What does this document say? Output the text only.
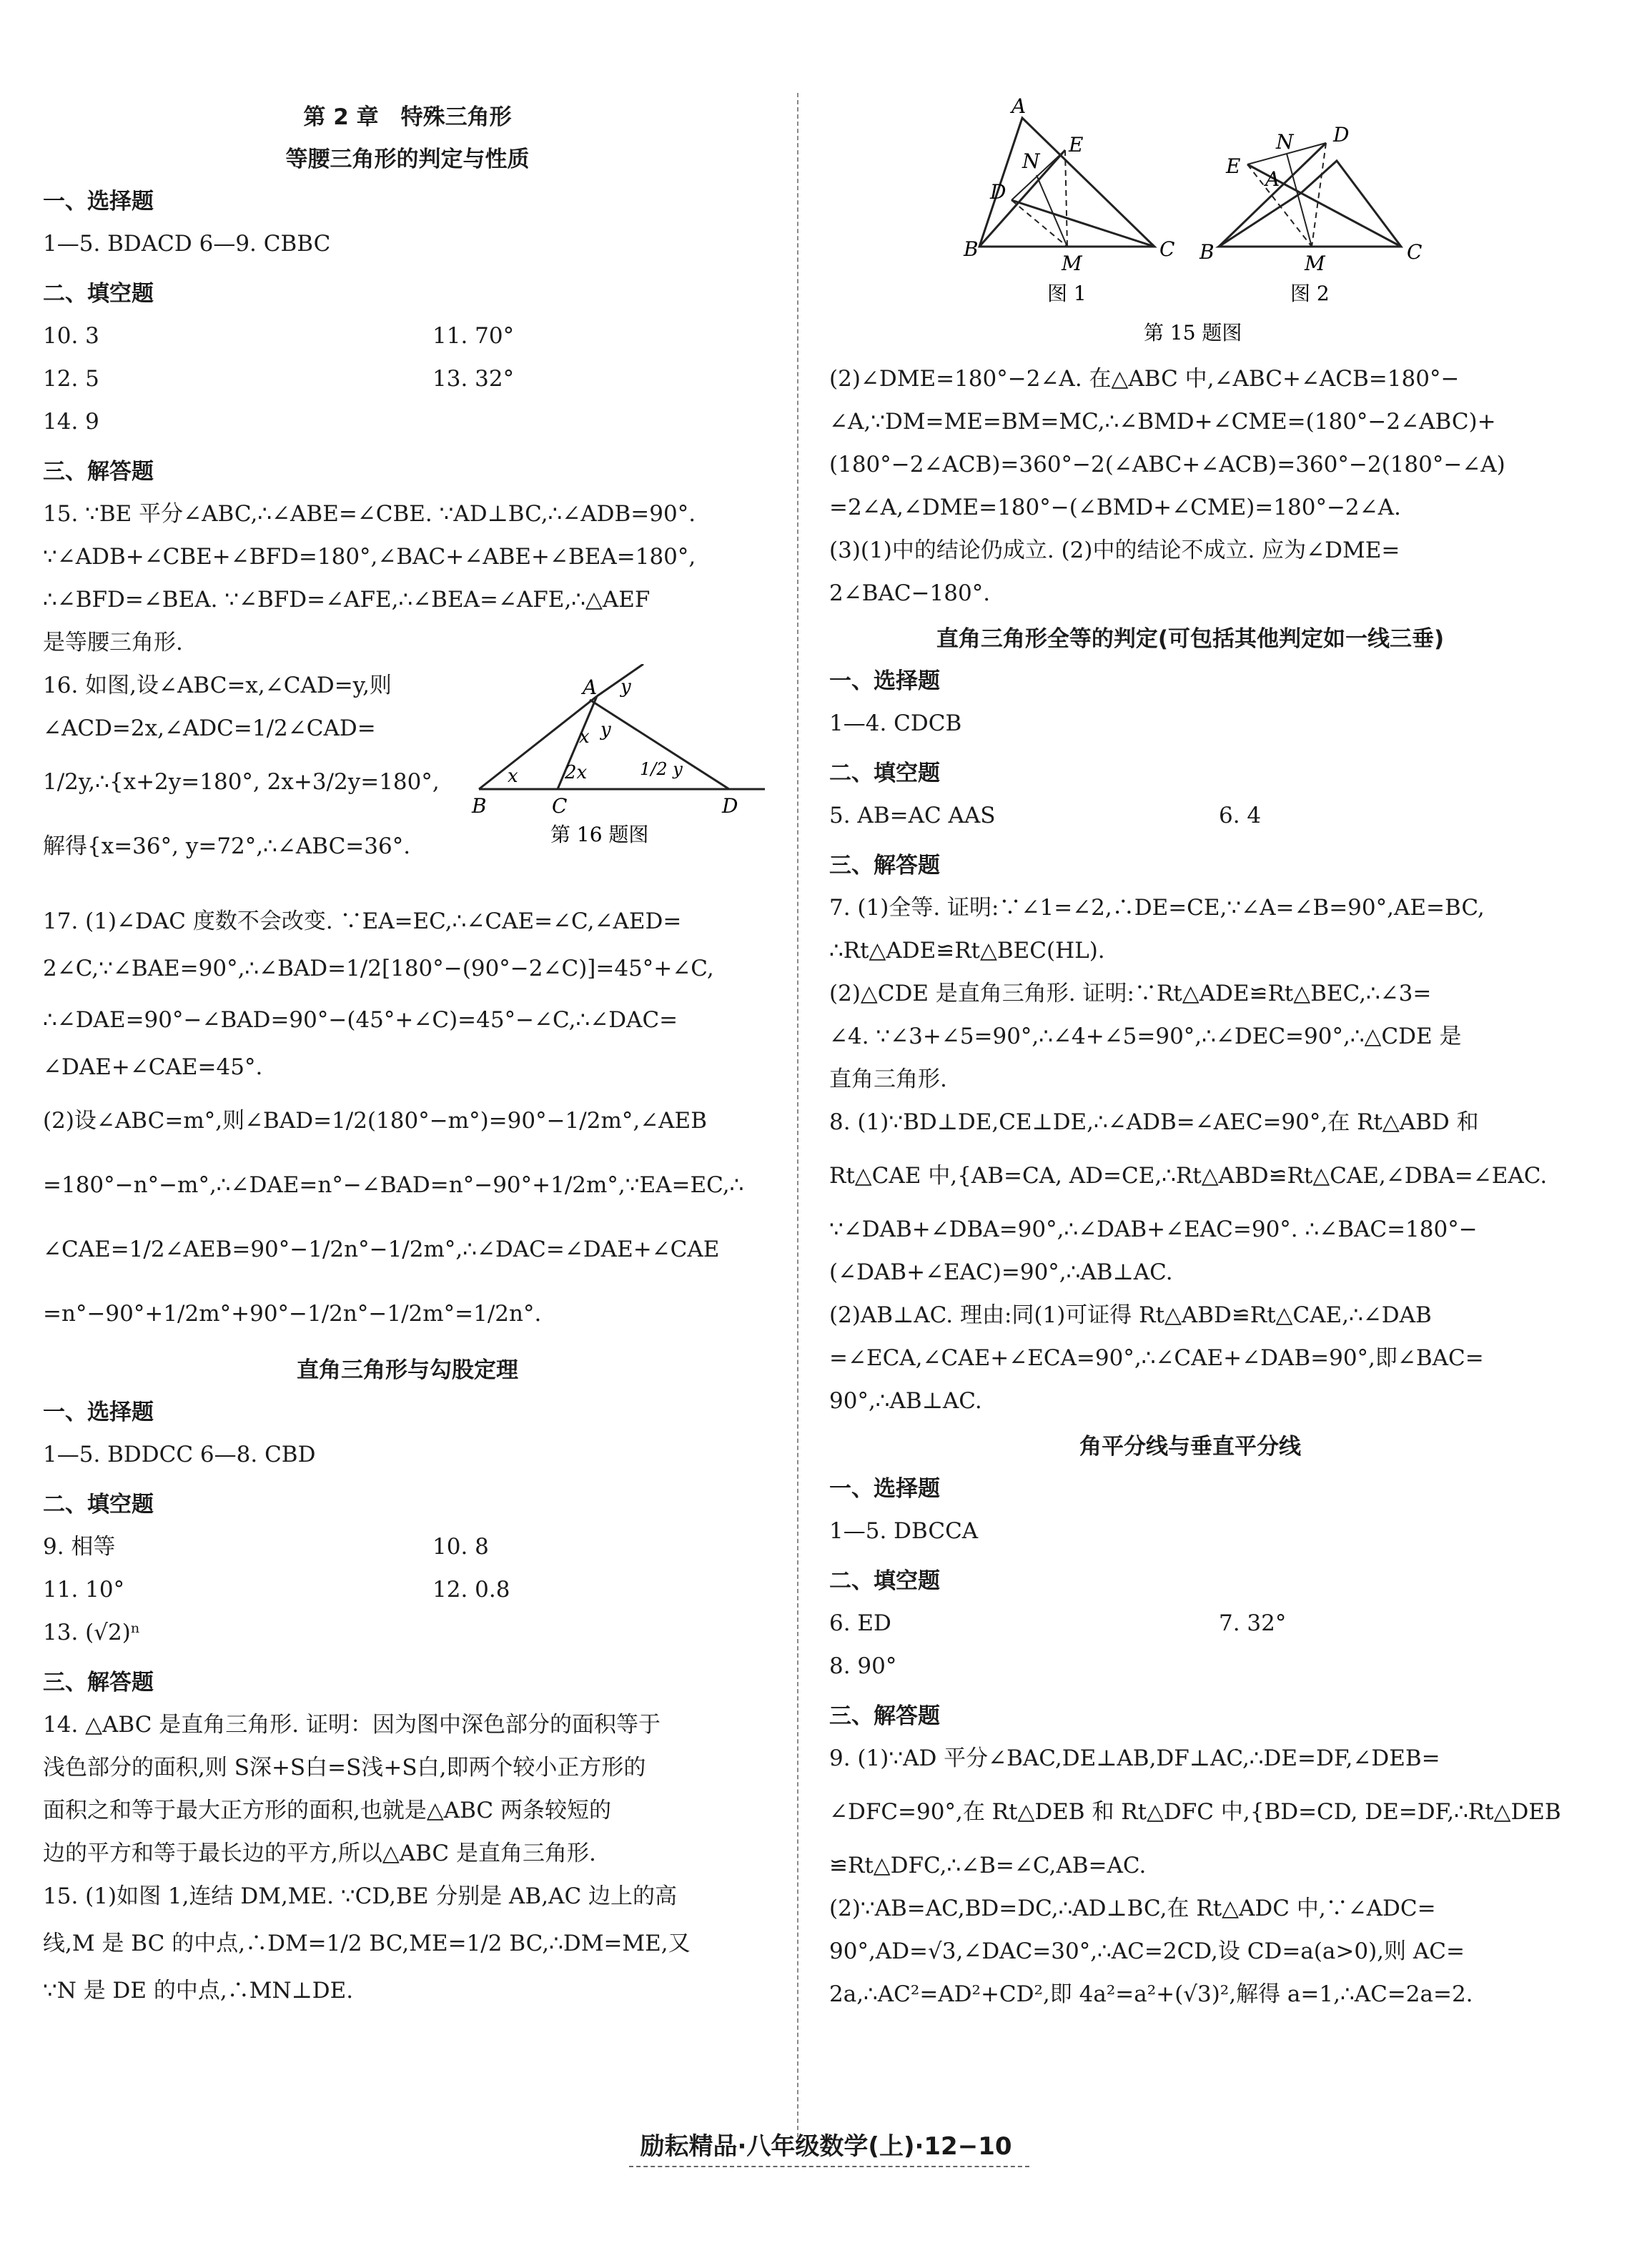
第 2 章　特殊三角形
等腰三角形的判定与性质
一、选择题
1—5. BDACD 6—9. CBBC
二、填空题
10. 3	11. 70°
12. 5	13. 32°
14. 9
三、解答题
15. ∵BE 平分∠ABC,∴∠ABE=∠CBE. ∵AD⊥BC,∴∠ADB=90°.
∵∠ADB+∠CBE+∠BFD=180°,∠BAC+∠ABE+∠BEA=180°,
∴∠BFD=∠BEA. ∵∠BFD=∠AFE,∴∠BEA=∠AFE,∴△AEF
是等腰三角形.
16. 如图,设∠ABC=x,∠CAD=y,则
∠ACD=2x,∠ADC=1/2∠CAD=
1/2y,∴{x+2y=180°, 2x+3/2y=180°,
解得{x=36°, y=72°,∴∠ABC=36°.
A y
x y
x	2x	1/2 y
B	C	D
第 16 题图
17. (1)∠DAC 度数不会改变. ∵EA=EC,∴∠CAE=∠C,∠AED=
2∠C,∵∠BAE=90°,∴∠BAD=1/2[180°−(90°−2∠C)]=45°+∠C,
∴∠DAE=90°−∠BAD=90°−(45°+∠C)=45°−∠C,∴∠DAC=
∠DAE+∠CAE=45°.
(2)设∠ABC=m°,则∠BAD=1/2(180°−m°)=90°−1/2m°,∠AEB
=180°−n°−m°,∴∠DAE=n°−∠BAD=n°−90°+1/2m°,∵EA=EC,∴
∠CAE=1/2∠AEB=90°−1/2n°−1/2m°,∴∠DAC=∠DAE+∠CAE
=n°−90°+1/2m°+90°−1/2n°−1/2m°=1/2n°.
直角三角形与勾股定理
一、选择题
1—5. BDDCC 6—8. CBD
二、填空题
9. 相等	10. 8
11. 10°	12. 0.8
13. (√2)ⁿ
三、解答题
14. △ABC 是直角三角形. 证明：因为图中深色部分的面积等于
浅色部分的面积,则 S深+S白=S浅+S白,即两个较小正方形的
面积之和等于最大正方形的面积,也就是△ABC 两条较短的
边的平方和等于最长边的平方,所以△ABC 是直角三角形.
15. (1)如图 1,连结 DM,ME. ∵CD,BE 分别是 AB,AC 边上的高
线,M 是 BC 的中点,∴DM=1/2 BC,ME=1/2 BC,∴DM=ME,又
∵N 是 DE 的中点,∴MN⊥DE.
A
E
N
D
B
M
C
图 1
D
N
E
A
B	M	C
图 2
第 15 题图
(2)∠DME=180°−2∠A. 在△ABC 中,∠ABC+∠ACB=180°−
∠A,∵DM=ME=BM=MC,∴∠BMD+∠CME=(180°−2∠ABC)+
(180°−2∠ACB)=360°−2(∠ABC+∠ACB)=360°−2(180°−∠A)
=2∠A,∠DME=180°−(∠BMD+∠CME)=180°−2∠A.
(3)(1)中的结论仍成立. (2)中的结论不成立. 应为∠DME=
2∠BAC−180°.
直角三角形全等的判定(可包括其他判定如一线三垂)
一、选择题
1—4. CDCB
二、填空题
5. AB=AC AAS	6. 4
三、解答题
7. (1)全等. 证明:∵∠1=∠2,∴DE=CE,∵∠A=∠B=90°,AE=BC,
∴Rt△ADE≌Rt△BEC(HL).
(2)△CDE 是直角三角形. 证明:∵Rt△ADE≌Rt△BEC,∴∠3=
∠4. ∵∠3+∠5=90°,∴∠4+∠5=90°,∴∠DEC=90°,∴△CDE 是
直角三角形.
8. (1)∵BD⊥DE,CE⊥DE,∴∠ADB=∠AEC=90°,在 Rt△ABD 和
Rt△CAE 中,{AB=CA, AD=CE,∴Rt△ABD≌Rt△CAE,∠DBA=∠EAC.
∵∠DAB+∠DBA=90°,∴∠DAB+∠EAC=90°. ∴∠BAC=180°−
(∠DAB+∠EAC)=90°,∴AB⊥AC.
(2)AB⊥AC. 理由:同(1)可证得 Rt△ABD≌Rt△CAE,∴∠DAB
=∠ECA,∠CAE+∠ECA=90°,∴∠CAE+∠DAB=90°,即∠BAC=
90°,∴AB⊥AC.
角平分线与垂直平分线
一、选择题
1—5. DBCCA
二、填空题
6. ED	7. 32°
8. 90°
三、解答题
9. (1)∵AD 平分∠BAC,DE⊥AB,DF⊥AC,∴DE=DF,∠DEB=
∠DFC=90°,在 Rt△DEB 和 Rt△DFC 中,{BD=CD, DE=DF,∴Rt△DEB
≌Rt△DFC,∴∠B=∠C,AB=AC.
(2)∵AB=AC,BD=DC,∴AD⊥BC,在 Rt△ADC 中,∵∠ADC=
90°,AD=√3,∠DAC=30°,∴AC=2CD,设 CD=a(a>0),则 AC=
2a,∴AC²=AD²+CD²,即 4a²=a²+(√3)²,解得 a=1,∴AC=2a=2.
励耘精品·八年级数学(上)·12−10
